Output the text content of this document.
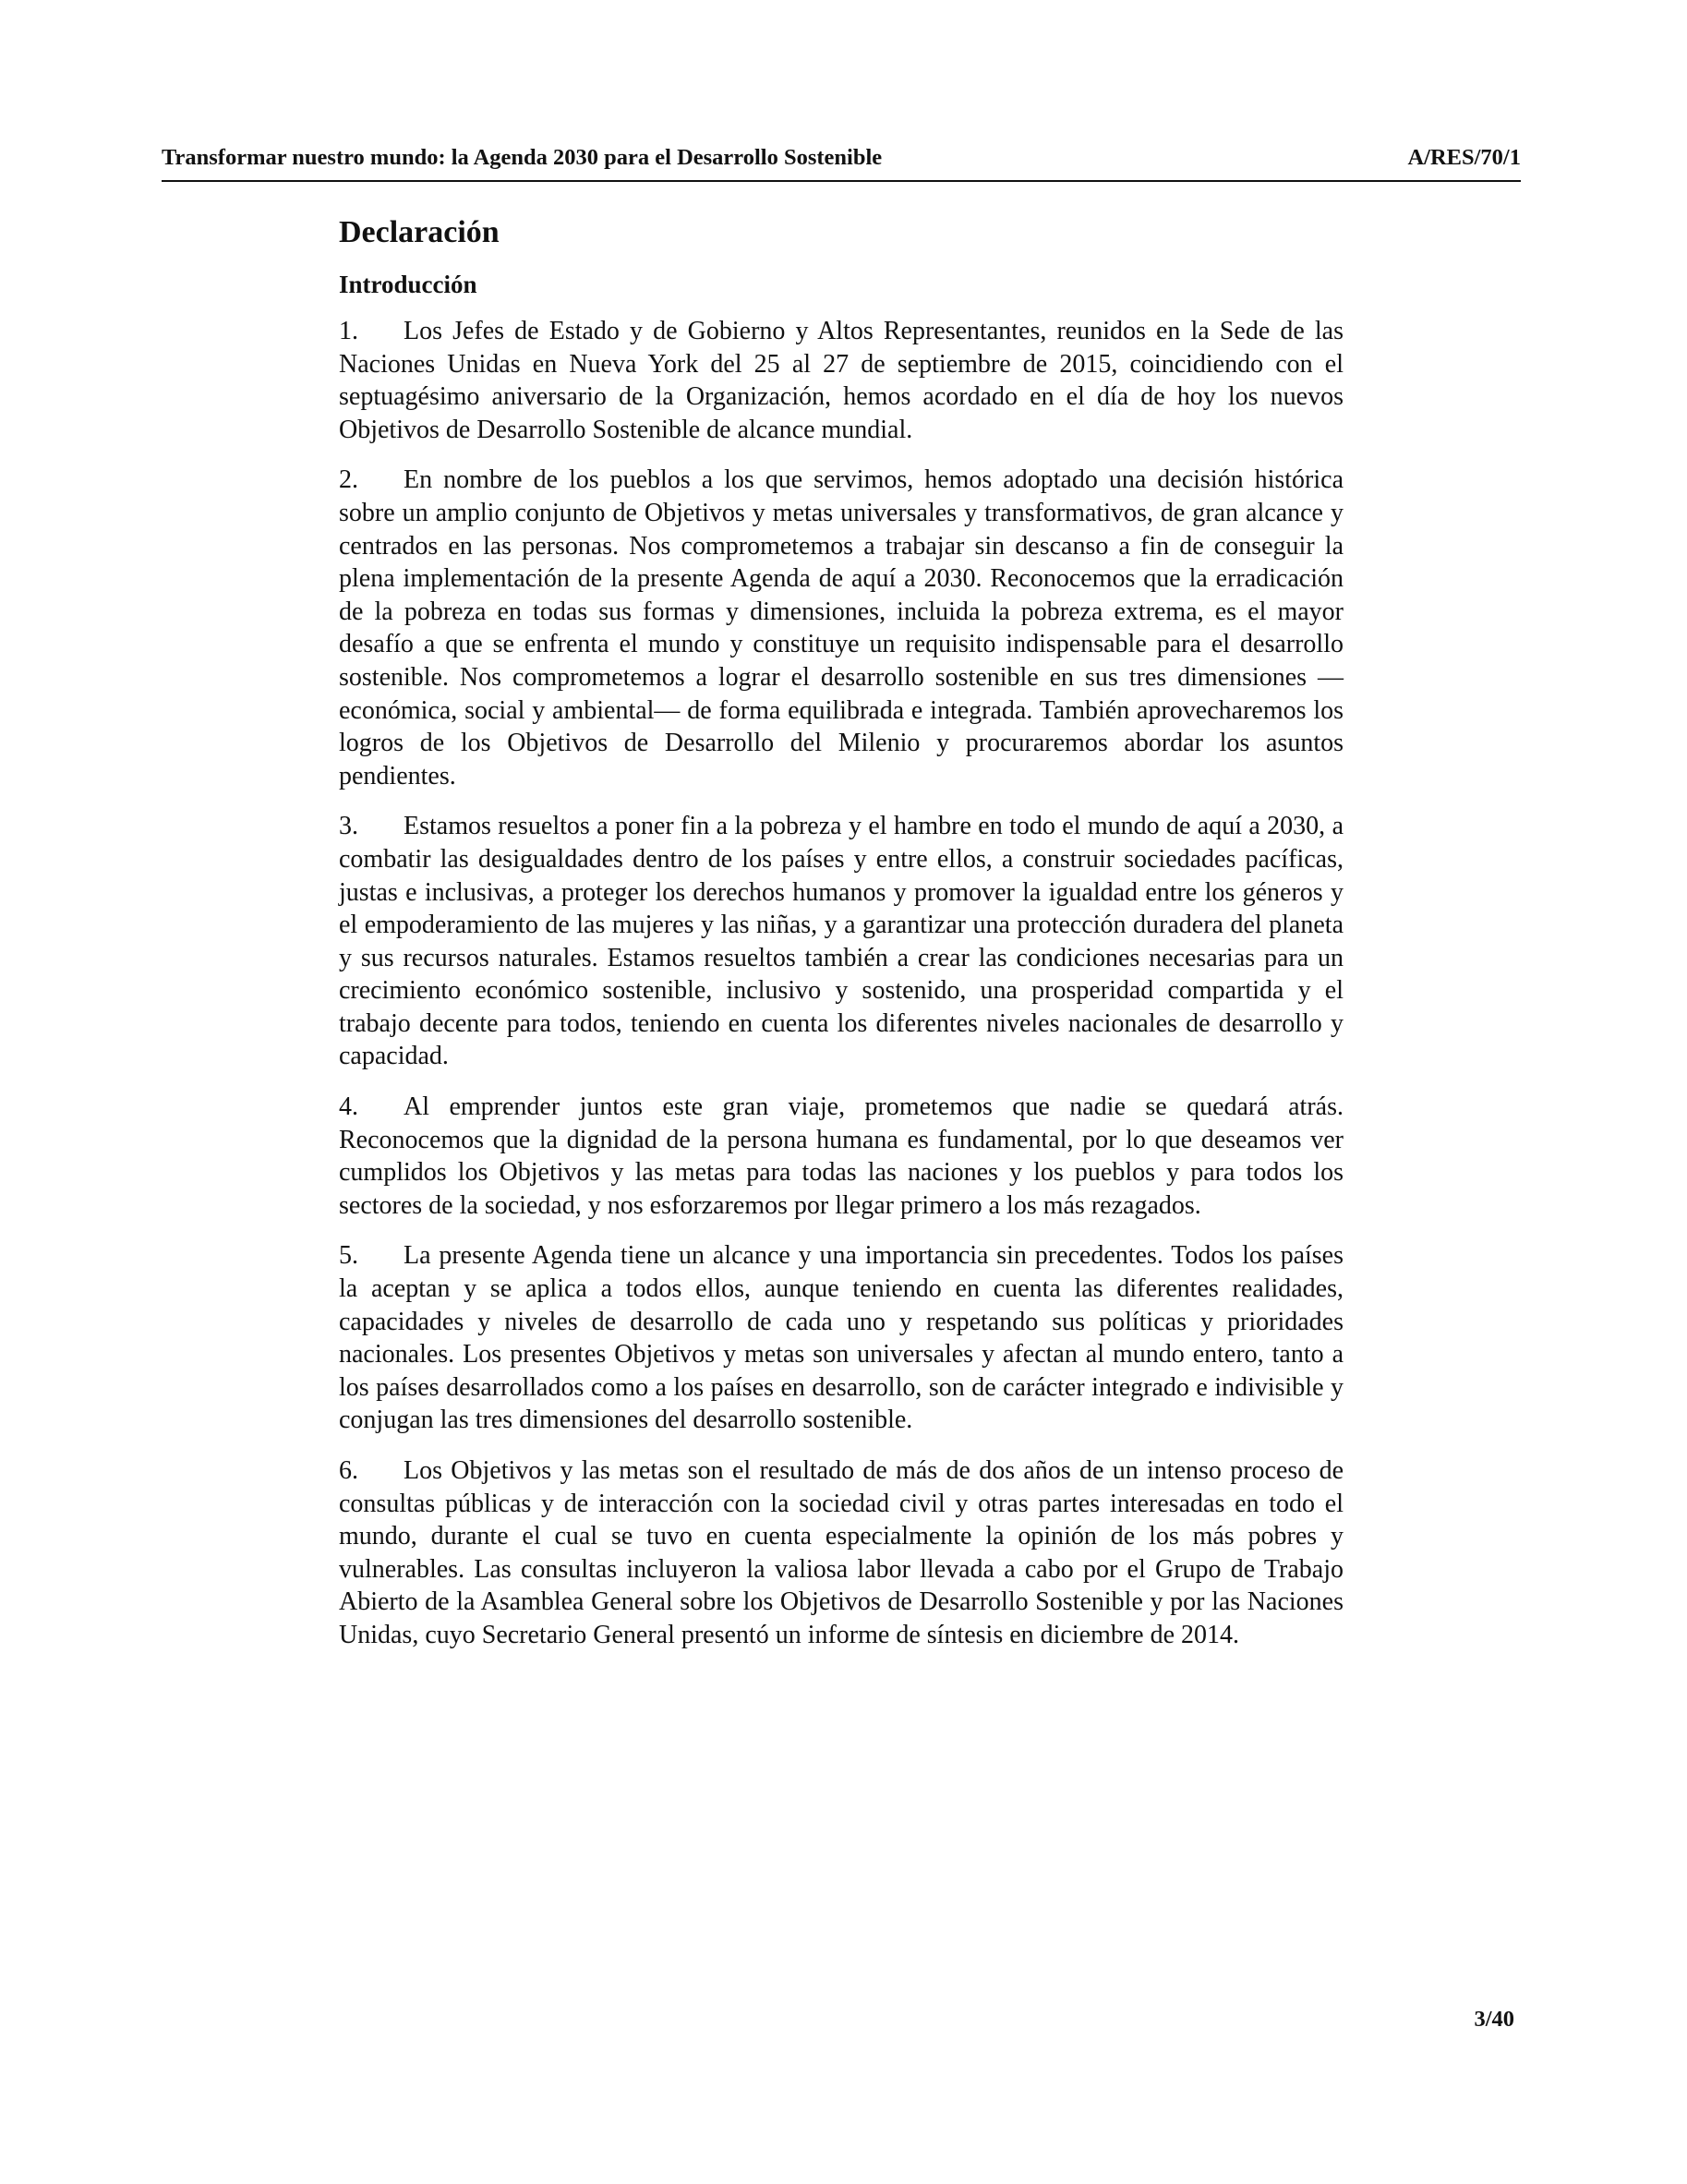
Transformar nuestro mundo: la Agenda 2030 para el Desarrollo Sostenible	A/RES/70/1
Declaración
Introducción

1. Los Jefes de Estado y de Gobierno y Altos Representantes, reunidos en la Sede de las Naciones Unidas en Nueva York del 25 al 27 de septiembre de 2015, coincidiendo con el septuagésimo aniversario de la Organización, hemos acordado en el día de hoy los nuevos Objetivos de Desarrollo Sostenible de alcance mundial.

2. En nombre de los pueblos a los que servimos, hemos adoptado una decisión histórica sobre un amplio conjunto de Objetivos y metas universales y transformativos, de gran alcance y centrados en las personas. Nos comprometemos a trabajar sin descanso a fin de conseguir la plena implementación de la presente Agenda de aquí a 2030. Reconocemos que la erradicación de la pobreza en todas sus formas y dimensiones, incluida la pobreza extrema, es el mayor desafío a que se enfrenta el mundo y constituye un requisito indispensable para el desarrollo sostenible. Nos comprometemos a lograr el desarrollo sostenible en sus tres dimensiones —económica, social y ambiental— de forma equilibrada e integrada. También aprovecharemos los logros de los Objetivos de Desarrollo del Milenio y procuraremos abordar los asuntos pendientes.

3. Estamos resueltos a poner fin a la pobreza y el hambre en todo el mundo de aquí a 2030, a combatir las desigualdades dentro de los países y entre ellos, a construir sociedades pacíficas, justas e inclusivas, a proteger los derechos humanos y promover la igualdad entre los géneros y el empoderamiento de las mujeres y las niñas, y a garantizar una protección duradera del planeta y sus recursos naturales. Estamos resueltos también a crear las condiciones necesarias para un crecimiento económico sostenible, inclusivo y sostenido, una prosperidad compartida y el trabajo decente para todos, teniendo en cuenta los diferentes niveles nacionales de desarrollo y capacidad.

4. Al emprender juntos este gran viaje, prometemos que nadie se quedará atrás. Reconocemos que la dignidad de la persona humana es fundamental, por lo que deseamos ver cumplidos los Objetivos y las metas para todas las naciones y los pueblos y para todos los sectores de la sociedad, y nos esforzaremos por llegar primero a los más rezagados.

5. La presente Agenda tiene un alcance y una importancia sin precedentes. Todos los países la aceptan y se aplica a todos ellos, aunque teniendo en cuenta las diferentes realidades, capacidades y niveles de desarrollo de cada uno y respetando sus políticas y prioridades nacionales. Los presentes Objetivos y metas son universales y afectan al mundo entero, tanto a los países desarrollados como a los países en desarrollo, son de carácter integrado e indivisible y conjugan las tres dimensiones del desarrollo sostenible.

6. Los Objetivos y las metas son el resultado de más de dos años de un intenso proceso de consultas públicas y de interacción con la sociedad civil y otras partes interesadas en todo el mundo, durante el cual se tuvo en cuenta especialmente la opinión de los más pobres y vulnerables. Las consultas incluyeron la valiosa labor llevada a cabo por el Grupo de Trabajo Abierto de la Asamblea General sobre los Objetivos de Desarrollo Sostenible y por las Naciones Unidas, cuyo Secretario General presentó un informe de síntesis en diciembre de 2014.

3/40
